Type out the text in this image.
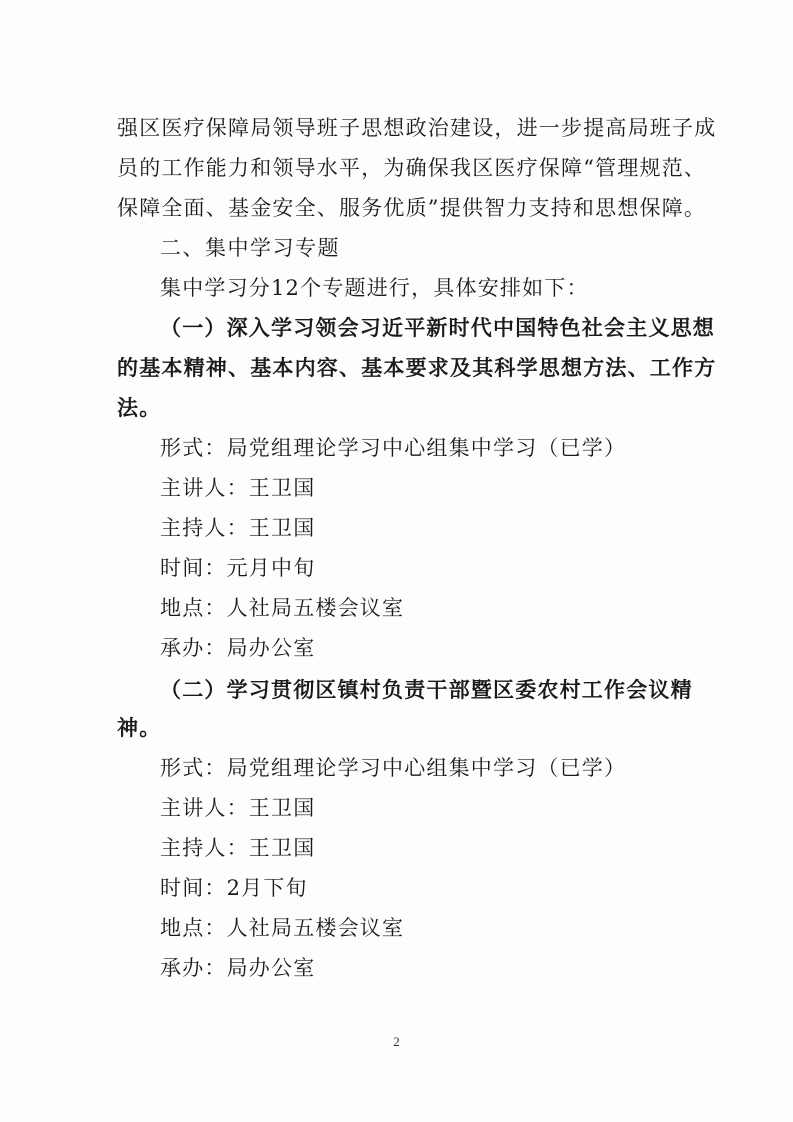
强区医疗保障局领导班子思想政治建设，进一步提高局班子成
员的工作能力和领导水平，为确保我区医疗保障“管理规范、
保障全面、基金安全、服务优质”提供智力支持和思想保障。
二、集中学习专题
集中学习分12个专题进行，具体安排如下：
（一）深入学习领会习近平新时代中国特色社会主义思想
的基本精神、基本内容、基本要求及其科学思想方法、工作方
法。
形式：局党组理论学习中心组集中学习（已学）
主讲人：王卫国
主持人：王卫国
时间：元月中旬
地点：人社局五楼会议室
承办：局办公室
（二）学习贯彻区镇村负责干部暨区委农村工作会议精
神。
形式：局党组理论学习中心组集中学习（已学）
主讲人：王卫国
主持人：王卫国
时间：2月下旬
地点：人社局五楼会议室
承办：局办公室
2
